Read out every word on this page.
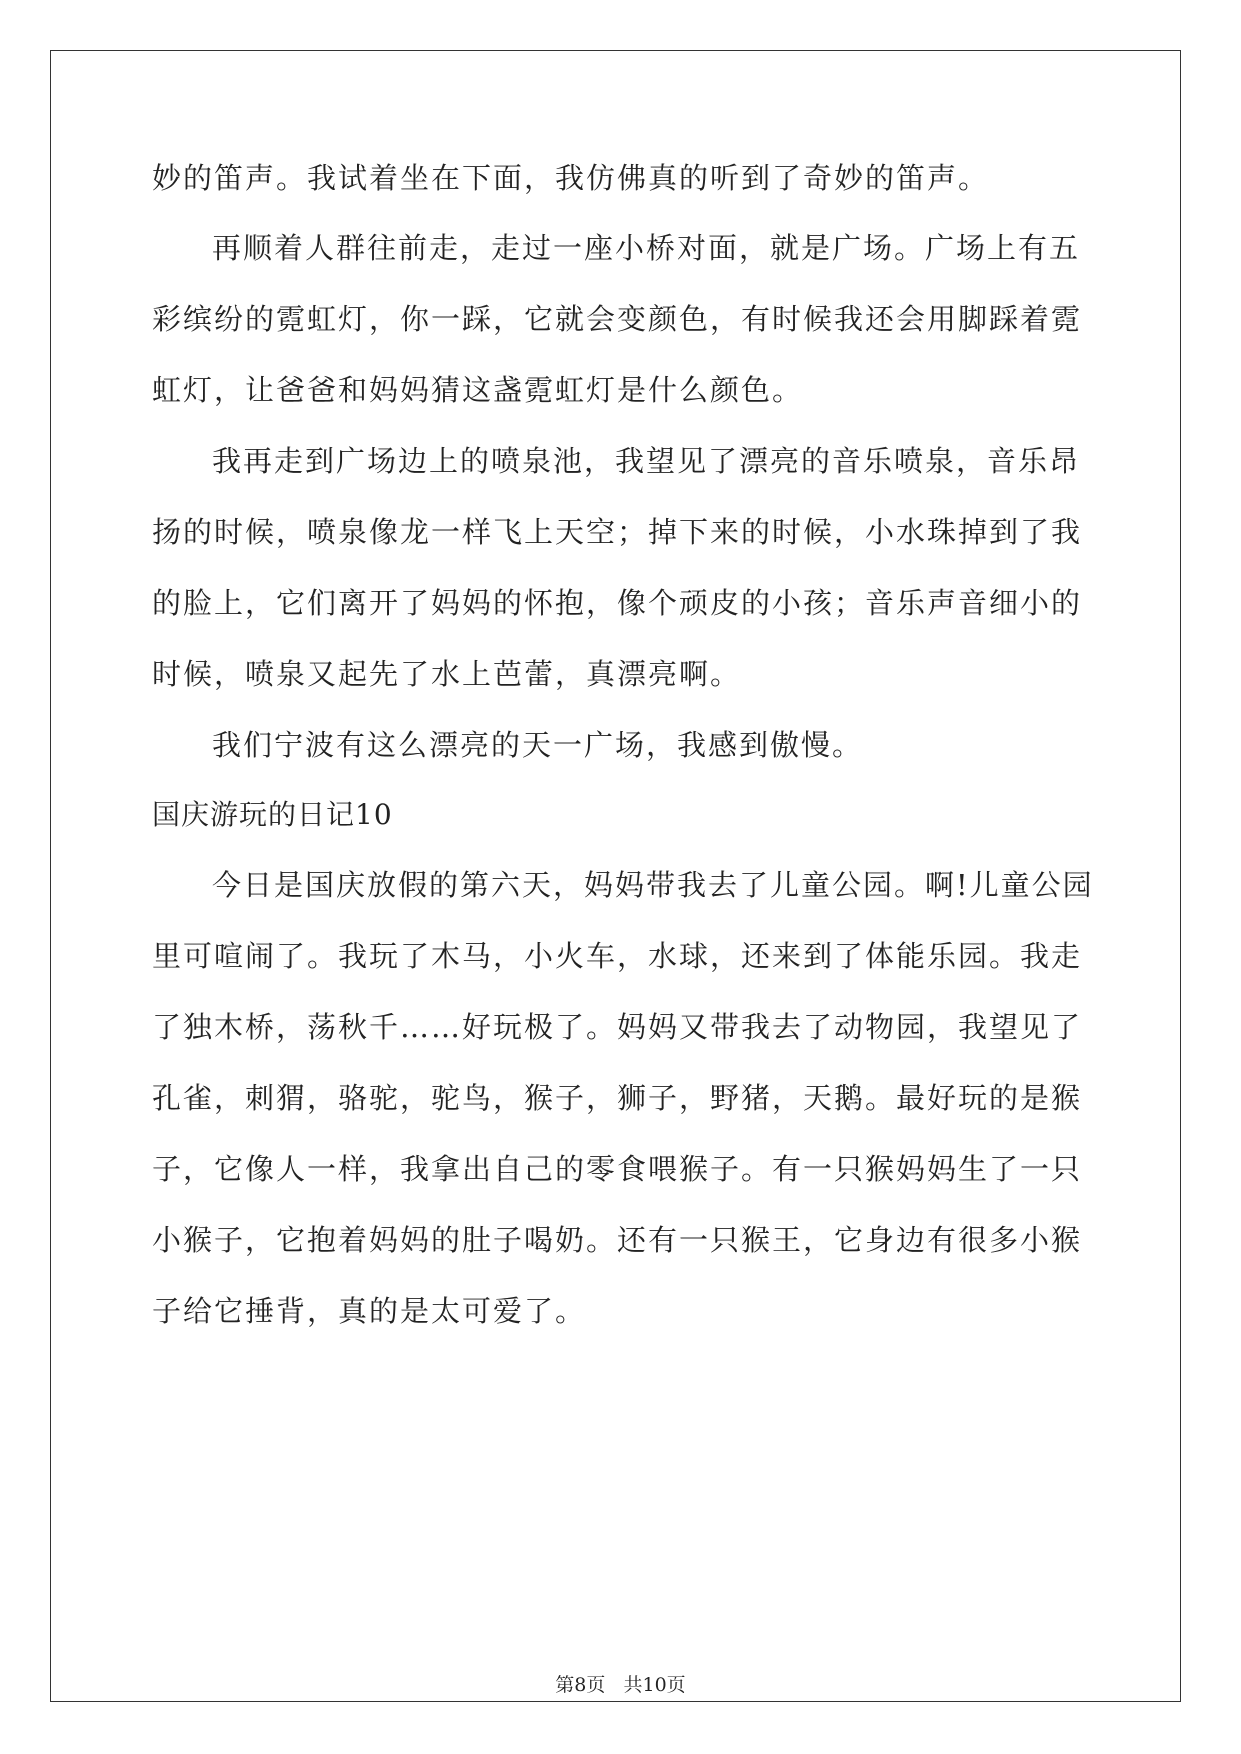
妙的笛声。我试着坐在下面，我仿佛真的听到了奇妙的笛声。
再顺着人群往前走，走过一座小桥对面，就是广场。广场上有五
彩缤纷的霓虹灯，你一踩，它就会变颜色，有时候我还会用脚踩着霓
虹灯，让爸爸和妈妈猜这盏霓虹灯是什么颜色。
我再走到广场边上的喷泉池，我望见了漂亮的音乐喷泉，音乐昂
扬的时候，喷泉像龙一样飞上天空；掉下来的时候，小水珠掉到了我
的脸上，它们离开了妈妈的怀抱，像个顽皮的小孩；音乐声音细小的
时候，喷泉又起先了水上芭蕾，真漂亮啊。
我们宁波有这么漂亮的天一广场，我感到傲慢。
国庆游玩的日记10
今日是国庆放假的第六天，妈妈带我去了儿童公园。啊!儿童公园
里可喧闹了。我玩了木马，小火车，水球，还来到了体能乐园。我走
了独木桥，荡秋千……好玩极了。妈妈又带我去了动物园，我望见了
孔雀，刺猬，骆驼，驼鸟，猴子，狮子，野猪，天鹅。最好玩的是猴
子，它像人一样，我拿出自己的零食喂猴子。有一只猴妈妈生了一只
小猴子，它抱着妈妈的肚子喝奶。还有一只猴王，它身边有很多小猴
子给它捶背，真的是太可爱了。
第8页   共10页
